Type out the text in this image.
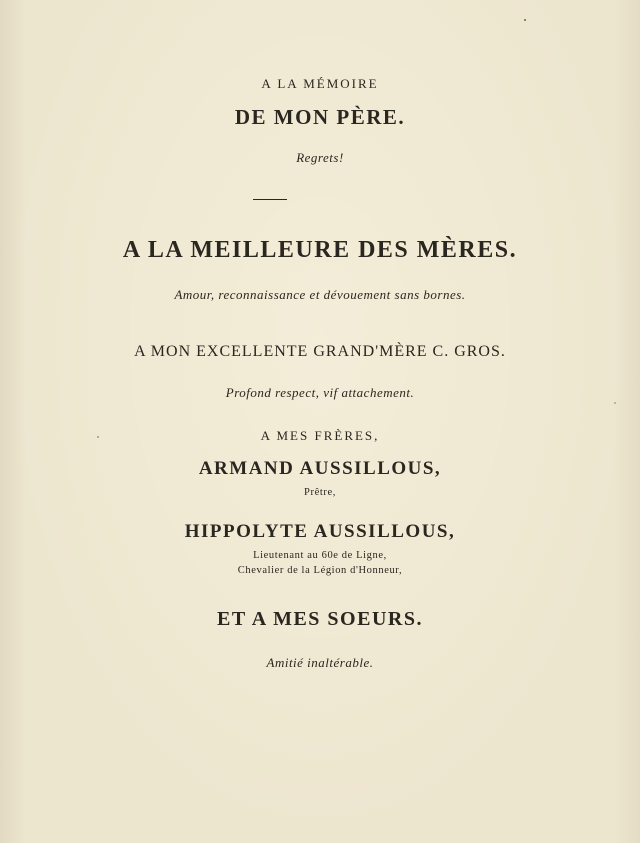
A LA MÉMOIRE
DE MON PÈRE.
Regrets!
A LA MEILLEURE DES MÈRES.
Amour, reconnaissance et dévouement sans bornes.
A MON EXCELLENTE GRAND'MÈRE C. GROS.
Profond respect, vif attachement.
A MES FRÈRES,
ARMAND AUSSILLOUS,
Prêtre,
HIPPOLYTE AUSSILLOUS,
Lieutenant au 60e de Ligne,
Chevalier de la Légion d'Honneur,
ET A MES SOEURS.
Amitié inaltérable.
